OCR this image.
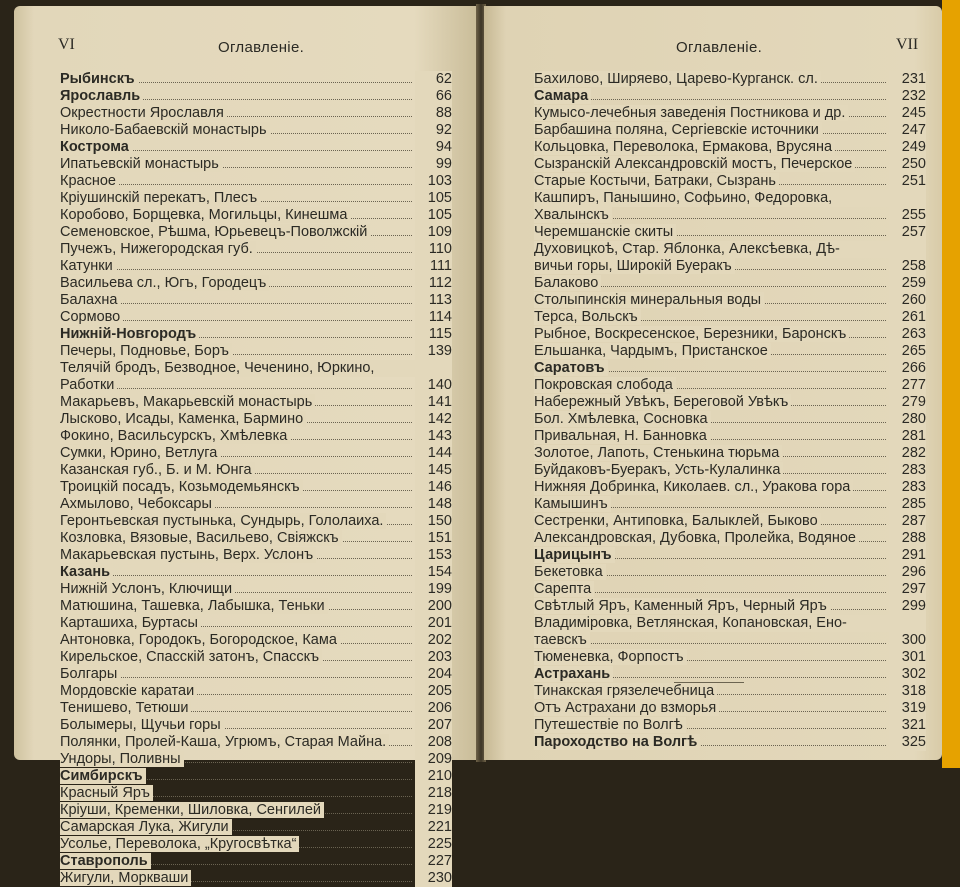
VI	Оглавленіе.
Рыбинскъ	62
Ярославль	66
Окрестности Ярославля	88
Николо-Бабаевскій монастырь	92
Кострома	94
Ипатьевскій монастырь	99
Красное	103
Кріушинскій перекатъ, Плесъ	105
Коробово, Борщевка, Могильцы, Кинешма	105
Семеновское, Рѣшма, Юрьевецъ-Поволжскій	109
Пучежъ, Нижегородская губ.	110
Катунки	111
Васильева сл., Югъ, Городецъ	112
Балахна	113
Сормово	114
Нижній-Новгородъ	115
Печеры, Подновье, Боръ	139
Телячій бродъ, Безводное, Чеченино, Юркино,
Работки	140
Макарьевъ, Макарьевскій монастырь	141
Лысково, Исады, Каменка, Бармино	142
Фокино, Васильсурскъ, Хмѣлевка	143
Сумки, Юрино, Ветлуга	144
Казанская губ., Б. и М. Юнга	145
Троицкій посадъ, Козьмодемьянскъ	146
Ахмылово, Чебоксары	148
Геронтьевская пустынька, Сундырь, Гололаиха.	150
Козловка, Вязовые, Васильево, Свіяжскъ	151
Макарьевская пустынь, Верх. Услонъ	153
Казань	154
Нижній Услонъ, Ключищи	199
Матюшина, Ташевка, Лабышка, Теньки	200
Карташиха, Буртасы	201
Антоновка, Городокъ, Богородское, Кама	202
Кирельское, Спасскій затонъ, Спасскъ	203
Болгары	204
Мордовскіе каратаи	205
Тенишево, Тетюши	206
Болымеры, Щучьи горы	207
Полянки, Пролей-Каша, Угрюмъ, Старая Майна.	208
Ундоры, Поливны	209
Симбирскъ	210
Красный Яръ	218
Кріуши, Кременки, Шиловка, Сенгилей	219
Самарская Лука, Жигули	221
Усолье, Переволока, „Кругосвѣтка“	225
Ставрополь	227
Жигули, Моркваши	230
Оглавленіе.	VII
Бахилово, Ширяево, Царево-Курганск. сл.	231
Самара	232
Кумысо-лечебныя заведенія Постникова и др.	245
Барбашина поляна, Сергіевскіе источники	247
Кольцовка, Переволока, Ермакова, Врусяна	249
Сызранскій Александровскій мостъ, Печерское	250
Старые Костычи, Батраки, Сызрань	251
Кашпиръ, Панышино, Софьино, Федоровка,
Хвалынскъ	255
Черемшанскіе скиты	257
Духовицкоѣ, Стар. Яблонка, Алексѣевка, Дѣ-
вичьи горы, Широкій Буеракъ	258
Балаково	259
Столыпинскія минеральныя воды	260
Терса, Вольскъ	261
Рыбное, Воскресенское, Березники, Баронскъ	263
Ельшанка, Чардымъ, Пристанское	265
Саратовъ	266
Покровская слобода	277
Набережный Увѣкъ, Береговой Увѣкъ	279
Бол. Хмѣлевка, Сосновка	280
Привальная, Н. Банновка	281
Золотое, Лапоть, Стенькина тюрьма	282
Буйдаковъ-Буеракъ, Усть-Кулалинка	283
Нижняя Добринка, Киколаев. сл., Уракова гора	283
Камышинъ	285
Сестренки, Антиповка, Балыклей, Быково	287
Александровская, Дубовка, Пролейка, Водяное	288
Царицынъ	291
Бекетовка	296
Сарепта	297
Свѣтлый Яръ, Каменный Яръ, Черный Яръ	299
Владиміровка, Ветлянская, Копановская, Ено-
таевскъ	300
Тюменевка, Форпостъ	301
Астрахань	302
Тинакская грязелечебница	318
Отъ Астрахани до взморья	319
Путешествіе по Волгѣ	321
Пароходство на Волгѣ	325
